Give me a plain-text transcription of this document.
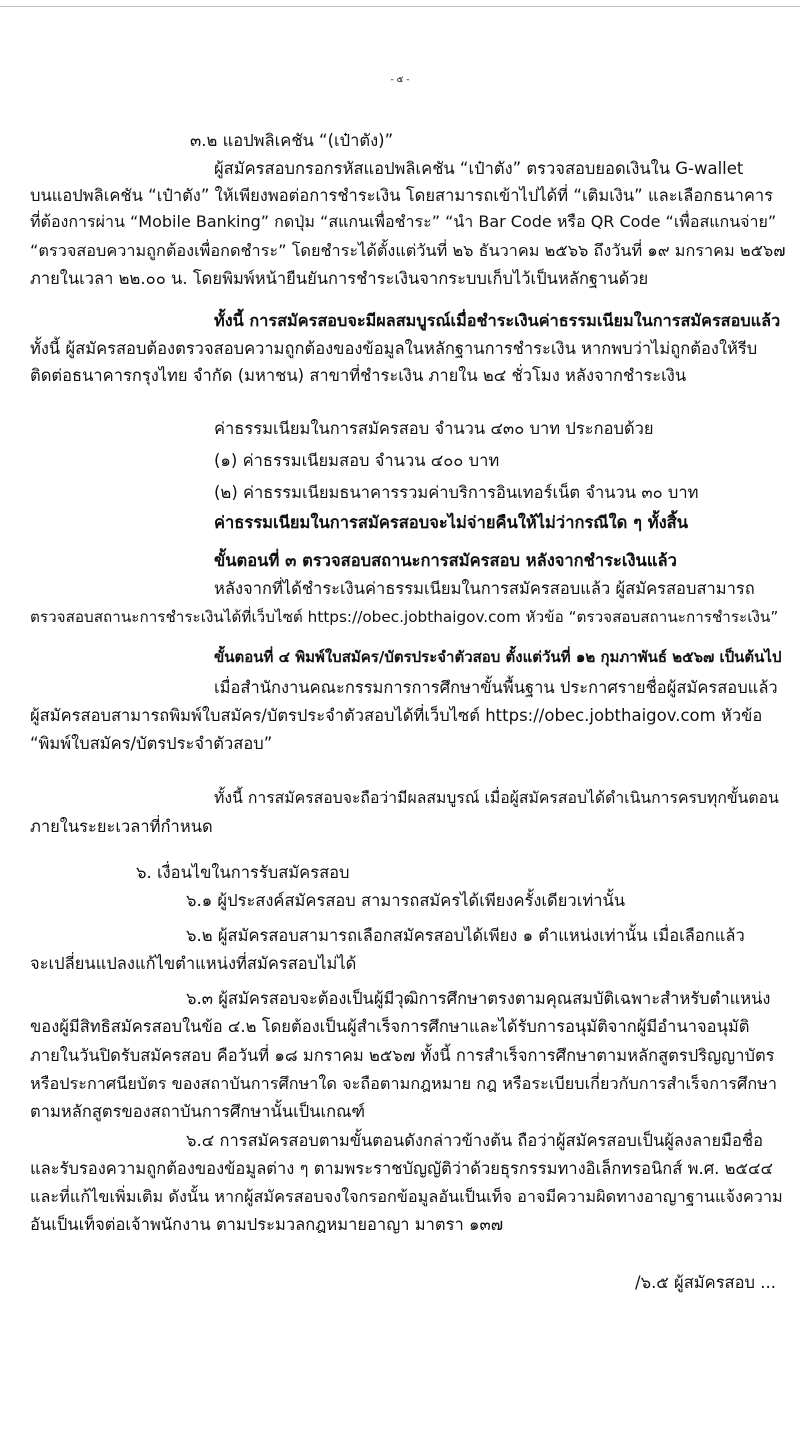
- ๕ -
๓.๒ แอปพลิเคชัน “(เป๋าตัง)”
ผู้สมัครสอบกรอกรหัสแอปพลิเคชัน “เป๋าตัง” ตรวจสอบยอดเงินใน G-wallet
บนแอปพลิเคชัน “เป๋าตัง” ให้เพียงพอต่อการชำระเงิน โดยสามารถเข้าไปได้ที่ “เติมเงิน” และเลือกธนาคาร
ที่ต้องการผ่าน “Mobile Banking” กดปุ่ม “สแกนเพื่อชำระ” “นำ Bar Code หรือ QR Code “เพื่อสแกนจ่าย”
“ตรวจสอบความถูกต้องเพื่อกดชำระ” โดยชำระได้ตั้งแต่วันที่ ๒๖ ธันวาคม ๒๕๖๖ ถึงวันที่ ๑๙ มกราคม ๒๕๖๗
ภายในเวลา ๒๒.๐๐ น. โดยพิมพ์หน้ายืนยันการชำระเงินจากระบบเก็บไว้เป็นหลักฐานด้วย
ทั้งนี้ การสมัครสอบจะมีผลสมบูรณ์เมื่อชำระเงินค่าธรรมเนียมในการสมัครสอบแล้ว
ทั้งนี้ ผู้สมัครสอบต้องตรวจสอบความถูกต้องของข้อมูลในหลักฐานการชำระเงิน หากพบว่าไม่ถูกต้องให้รีบ
ติดต่อธนาคารกรุงไทย จำกัด (มหาชน) สาขาที่ชำระเงิน ภายใน ๒๔ ชั่วโมง หลังจากชำระเงิน
ค่าธรรมเนียมในการสมัครสอบ จำนวน ๔๓๐ บาท ประกอบด้วย
(๑) ค่าธรรมเนียมสอบ จำนวน ๔๐๐ บาท
(๒) ค่าธรรมเนียมธนาคารรวมค่าบริการอินเทอร์เน็ต จำนวน ๓๐ บาท
ค่าธรรมเนียมในการสมัครสอบจะไม่จ่ายคืนให้ไม่ว่ากรณีใด ๆ ทั้งสิ้น
ขั้นตอนที่ ๓ ตรวจสอบสถานะการสมัครสอบ หลังจากชำระเงินแล้ว
หลังจากที่ได้ชำระเงินค่าธรรมเนียมในการสมัครสอบแล้ว ผู้สมัครสอบสามารถ
ตรวจสอบสถานะการชำระเงินได้ที่เว็บไซต์ https://obec.jobthaigov.com หัวข้อ “ตรวจสอบสถานะการชำระเงิน”
ขั้นตอนที่ ๔ พิมพ์ใบสมัคร/บัตรประจำตัวสอบ ตั้งแต่วันที่ ๑๒ กุมภาพันธ์ ๒๕๖๗ เป็นต้นไป
เมื่อสำนักงานคณะกรรมการการศึกษาขั้นพื้นฐาน ประกาศรายชื่อผู้สมัครสอบแล้ว
ผู้สมัครสอบสามารถพิมพ์ใบสมัคร/บัตรประจำตัวสอบได้ที่เว็บไซต์ https://obec.jobthaigov.com หัวข้อ
“พิมพ์ใบสมัคร/บัตรประจำตัวสอบ”
ทั้งนี้ การสมัครสอบจะถือว่ามีผลสมบูรณ์ เมื่อผู้สมัครสอบได้ดำเนินการครบทุกขั้นตอน
ภายในระยะเวลาที่กำหนด
๖. เงื่อนไขในการรับสมัครสอบ
๖.๑ ผู้ประสงค์สมัครสอบ สามารถสมัครได้เพียงครั้งเดียวเท่านั้น
๖.๒ ผู้สมัครสอบสามารถเลือกสมัครสอบได้เพียง ๑ ตำแหน่งเท่านั้น เมื่อเลือกแล้ว
จะเปลี่ยนแปลงแก้ไขตำแหน่งที่สมัครสอบไม่ได้
๖.๓ ผู้สมัครสอบจะต้องเป็นผู้มีวุฒิการศึกษาตรงตามคุณสมบัติเฉพาะสำหรับตำแหน่ง
ของผู้มีสิทธิสมัครสอบในข้อ ๔.๒ โดยต้องเป็นผู้สำเร็จการศึกษาและได้รับการอนุมัติจากผู้มีอำนาจอนุมัติ
ภายในวันปิดรับสมัครสอบ คือวันที่ ๑๘ มกราคม ๒๕๖๗ ทั้งนี้ การสำเร็จการศึกษาตามหลักสูตรปริญญาบัตร
หรือประกาศนียบัตร ของสถาบันการศึกษาใด จะถือตามกฎหมาย กฎ หรือระเบียบเกี่ยวกับการสำเร็จการศึกษา
ตามหลักสูตรของสถาบันการศึกษานั้นเป็นเกณฑ์
๖.๔ การสมัครสอบตามขั้นตอนดังกล่าวข้างต้น ถือว่าผู้สมัครสอบเป็นผู้ลงลายมือชื่อ
และรับรองความถูกต้องของข้อมูลต่าง ๆ ตามพระราชบัญญัติว่าด้วยธุรกรรมทางอิเล็กทรอนิกส์ พ.ศ. ๒๕๔๔
และที่แก้ไขเพิ่มเติม ดังนั้น หากผู้สมัครสอบจงใจกรอกข้อมูลอันเป็นเท็จ อาจมีความผิดทางอาญาฐานแจ้งความ
อันเป็นเท็จต่อเจ้าพนักงาน ตามประมวลกฎหมายอาญา มาตรา ๑๓๗
/๖.๕ ผู้สมัครสอบ ...
